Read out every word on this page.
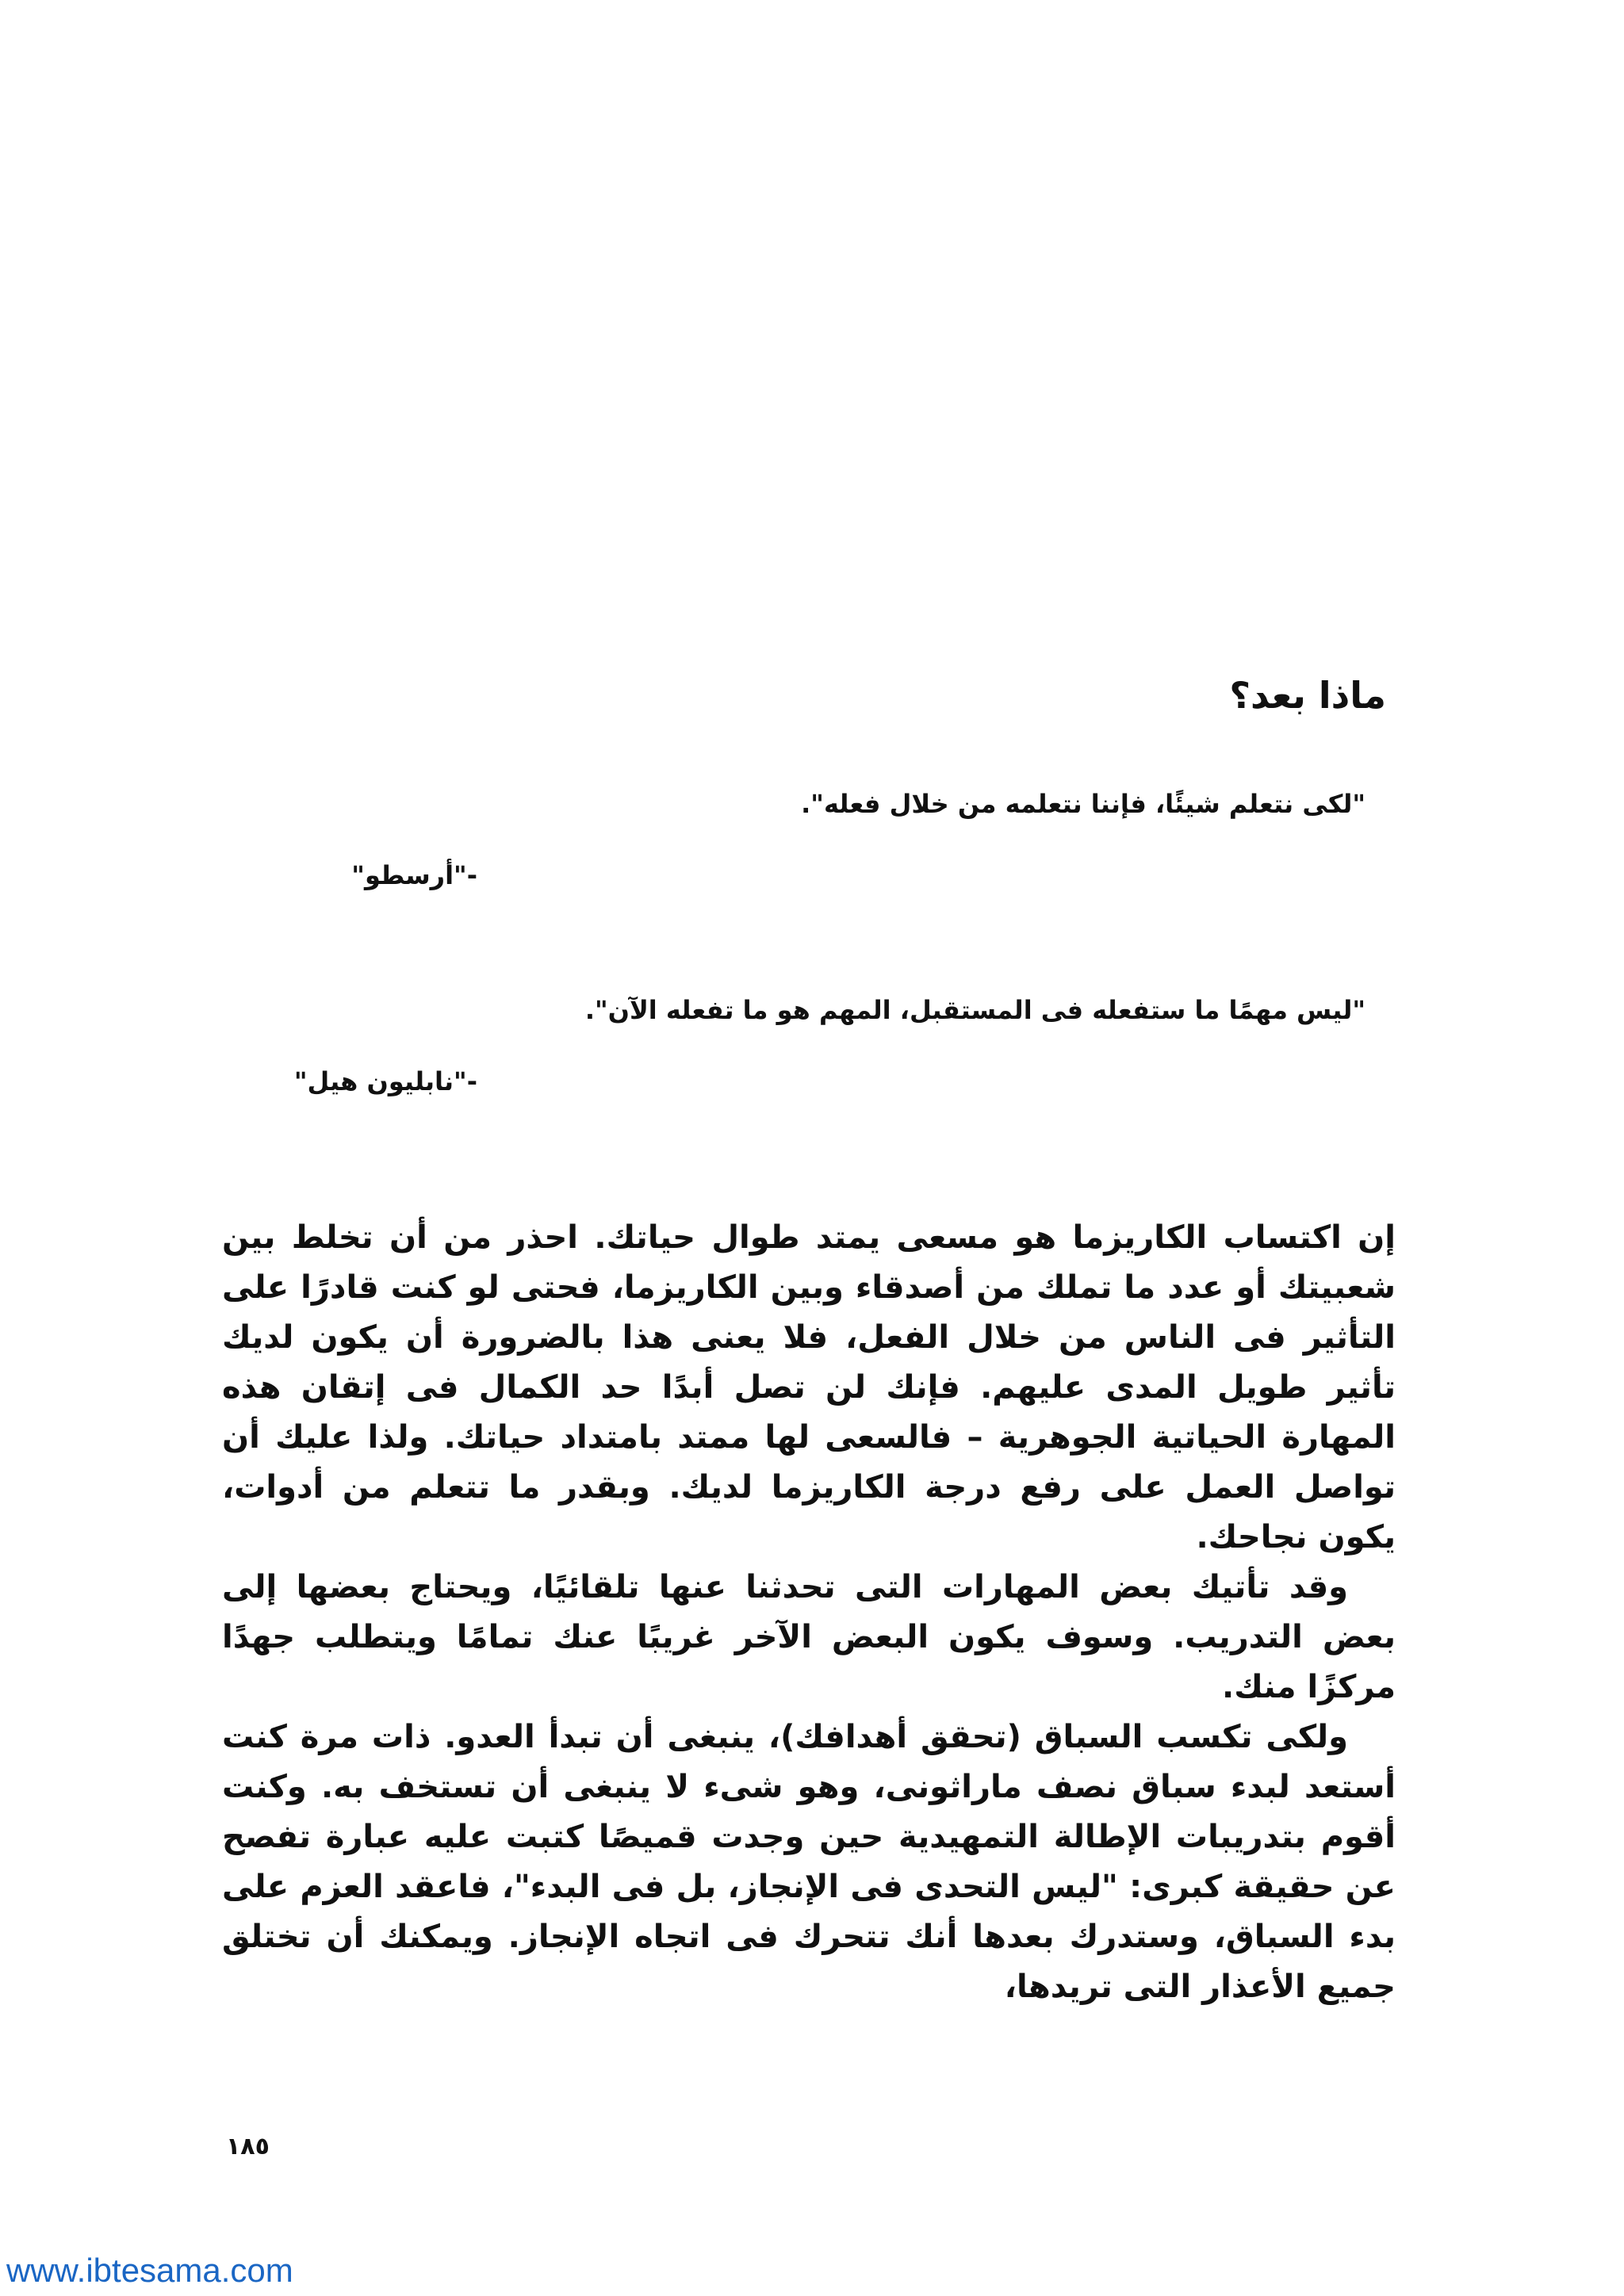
ماذا بعد؟
"لكى نتعلم شيئًا، فإننا نتعلمه من خلال فعله".
-"أرسطو"
"ليس مهمًا ما ستفعله فى المستقبل، المهم هو ما تفعله الآن".
-"نابليون هيل"

إن اكتساب الكاريزما هو مسعى يمتد طوال حياتك. احذر من أن تخلط بين شعبيتك أو عدد ما تملك من أصدقاء وبين الكاريزما، فحتى لو كنت قادرًا على التأثير فى الناس من خلال الفعل، فلا يعنى هذا بالضرورة أن يكون لديك تأثير طويل المدى عليهم. فإنك لن تصل أبدًا حد الكمال فى إتقان هذه المهارة الحياتية الجوهرية – فالسعى لها ممتد بامتداد حياتك. ولذا عليك أن تواصل العمل على رفع درجة الكاريزما لديك. وبقدر ما تتعلم من أدوات، يكون نجاحك.

وقد تأتيك بعض المهارات التى تحدثنا عنها تلقائيًا، ويحتاج بعضها إلى بعض التدريب. وسوف يكون البعض الآخر غريبًا عنك تمامًا ويتطلب جهدًا مركزًا منك.

ولكى تكسب السباق (تحقق أهدافك)، ينبغى أن تبدأ العدو. ذات مرة كنت أستعد لبدء سباق نصف ماراثونى، وهو شىء لا ينبغى أن تستخف به. وكنت أقوم بتدريبات الإطالة التمهيدية حين وجدت قميصًا كتبت عليه عبارة تفصح عن حقيقة كبرى: "ليس التحدى فى الإنجاز، بل فى البدء"، فاعقد العزم على بدء السباق، وستدرك بعدها أنك تتحرك فى اتجاه الإنجاز. ويمكنك أن تختلق جميع الأعذار التى تريدها،

١٨٥
www.ibtesama.com
